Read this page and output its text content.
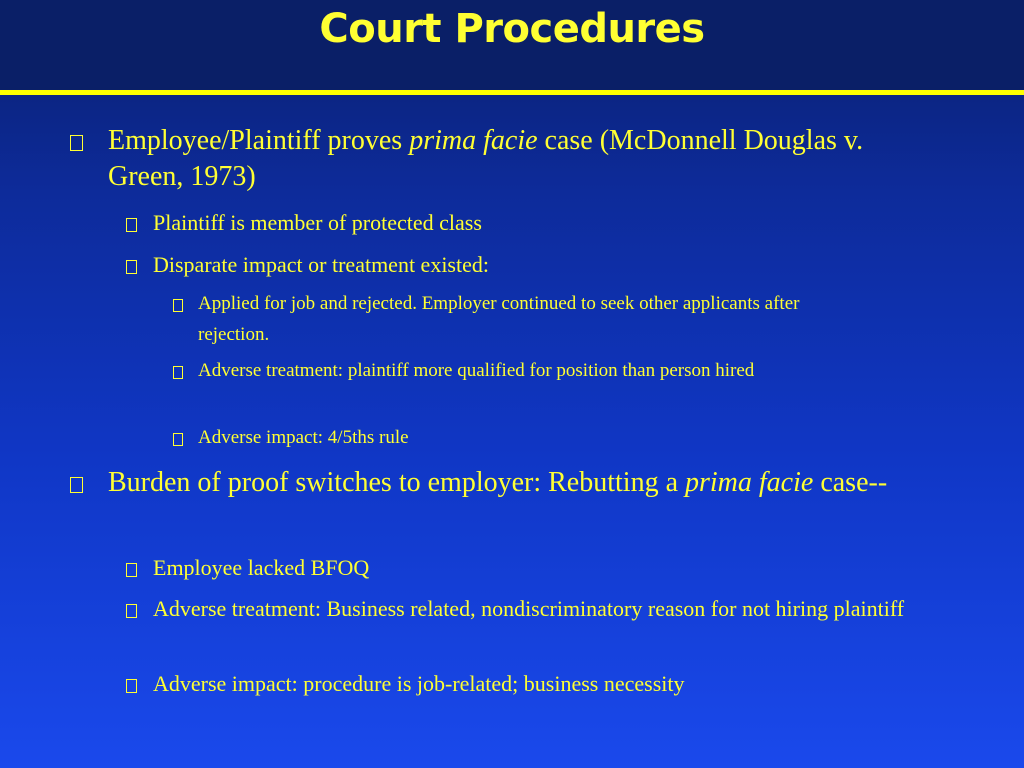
Court Procedures

Employee/Plaintiff proves prima facie case (McDonnell Douglas v. Green, 1973)

Plaintiff is member of protected class

Disparate impact or treatment existed:

Applied for job and rejected. Employer continued to seek other applicants after rejection.

Adverse treatment: plaintiff more qualified for position than person hired

Adverse impact: 4/5ths rule

Burden of proof switches to employer: Rebutting a prima facie case--

Employee lacked BFOQ

Adverse treatment: Business related, nondiscriminatory reason for not hiring plaintiff

Adverse impact: procedure is job-related; business necessity
